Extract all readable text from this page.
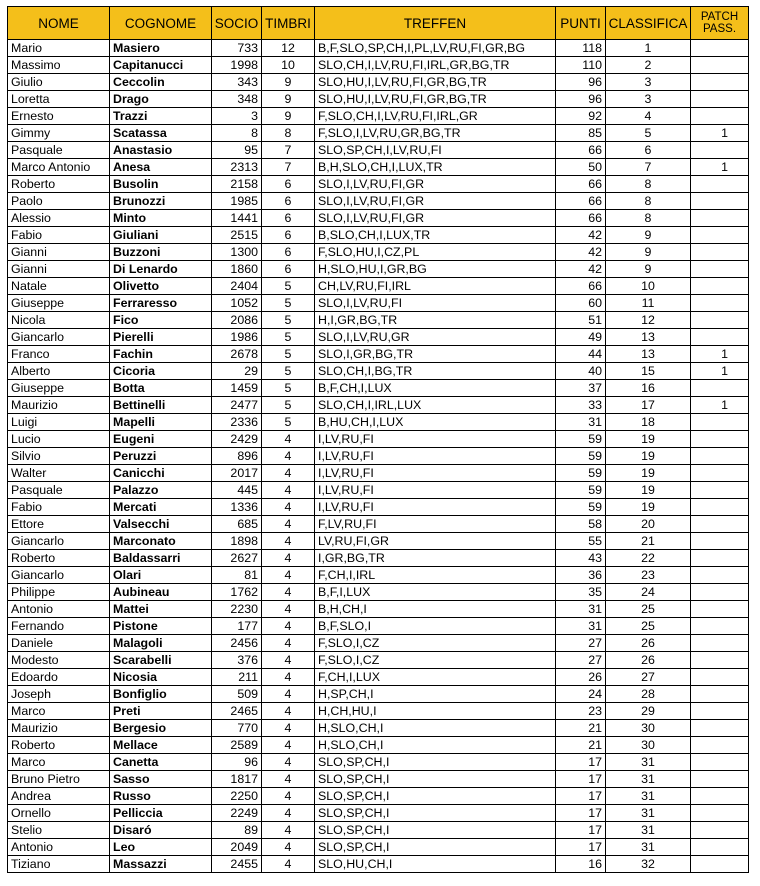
NOME	COGNOME	SOCIO	TIMBRI	TREFFEN	PUNTI	CLASSIFICA	PATCH
PASS.
Mario	Masiero	733	12	B,F,SLO,SP,CH,I,PL,LV,RU,FI,GR,BG	118	1	
Massimo	Capitanucci	1998	10	SLO,CH,I,LV,RU,FI,IRL,GR,BG,TR	110	2	
Giulio	Ceccolin	343	9	SLO,HU,I,LV,RU,FI,GR,BG,TR	96	3	
Loretta	Drago	348	9	SLO,HU,I,LV,RU,FI,GR,BG,TR	96	3	
Ernesto	Trazzi	3	9	F,SLO,CH,I,LV,RU,FI,IRL,GR	92	4	
Gimmy	Scatassa	8	8	F,SLO,I,LV,RU,GR,BG,TR	85	5	1
Pasquale	Anastasio	95	7	SLO,SP,CH,I,LV,RU,FI	66	6	
Marco Antonio	Anesa	2313	7	B,H,SLO,CH,I,LUX,TR	50	7	1
Roberto	Busolin	2158	6	SLO,I,LV,RU,FI,GR	66	8	
Paolo	Brunozzi	1985	6	SLO,I,LV,RU,FI,GR	66	8	
Alessio	Minto	1441	6	SLO,I,LV,RU,FI,GR	66	8	
Fabio	Giuliani	2515	6	B,SLO,CH,I,LUX,TR	42	9	
Gianni	Buzzoni	1300	6	F,SLO,HU,I,CZ,PL	42	9	
Gianni	Di Lenardo	1860	6	H,SLO,HU,I,GR,BG	42	9	
Natale	Olivetto	2404	5	CH,LV,RU,FI,IRL	66	10	
Giuseppe	Ferraresso	1052	5	SLO,I,LV,RU,FI	60	11	
Nicola	Fico	2086	5	H,I,GR,BG,TR	51	12	
Giancarlo	Pierelli	1986	5	SLO,I,LV,RU,GR	49	13	
Franco	Fachin	2678	5	SLO,I,GR,BG,TR	44	13	1
Alberto	Cicoria	29	5	SLO,CH,I,BG,TR	40	15	1
Giuseppe	Botta	1459	5	B,F,CH,I,LUX	37	16	
Maurizio	Bettinelli	2477	5	SLO,CH,I,IRL,LUX	33	17	1
Luigi	Mapelli	2336	5	B,HU,CH,I,LUX	31	18	
Lucio	Eugeni	2429	4	I,LV,RU,FI	59	19	
Silvio	Peruzzi	896	4	I,LV,RU,FI	59	19	
Walter	Canicchi	2017	4	I,LV,RU,FI	59	19	
Pasquale	Palazzo	445	4	I,LV,RU,FI	59	19	
Fabio	Mercati	1336	4	I,LV,RU,FI	59	19	
Ettore	Valsecchi	685	4	F,LV,RU,FI	58	20	
Giancarlo	Marconato	1898	4	LV,RU,FI,GR	55	21	
Roberto	Baldassarri	2627	4	I,GR,BG,TR	43	22	
Giancarlo	Olari	81	4	F,CH,I,IRL	36	23	
Philippe	Aubineau	1762	4	B,F,I,LUX	35	24	
Antonio	Mattei	2230	4	B,H,CH,I	31	25	
Fernando	Pistone	177	4	B,F,SLO,I	31	25	
Daniele	Malagoli	2456	4	F,SLO,I,CZ	27	26	
Modesto	Scarabelli	376	4	F,SLO,I,CZ	27	26	
Edoardo	Nicosia	211	4	F,CH,I,LUX	26	27	
Joseph	Bonfiglio	509	4	H,SP,CH,I	24	28	
Marco	Preti	2465	4	H,CH,HU,I	23	29	
Maurizio	Bergesio	770	4	H,SLO,CH,I	21	30	
Roberto	Mellace	2589	4	H,SLO,CH,I	21	30	
Marco	Canetta	96	4	SLO,SP,CH,I	17	31	
Bruno Pietro	Sasso	1817	4	SLO,SP,CH,I	17	31	
Andrea	Russo	2250	4	SLO,SP,CH,I	17	31	
Ornello	Pelliccia	2249	4	SLO,SP,CH,I	17	31	
Stelio	Disaró	89	4	SLO,SP,CH,I	17	31	
Antonio	Leo	2049	4	SLO,SP,CH,I	17	31	
Tiziano	Massazzi	2455	4	SLO,HU,CH,I	16	32	
